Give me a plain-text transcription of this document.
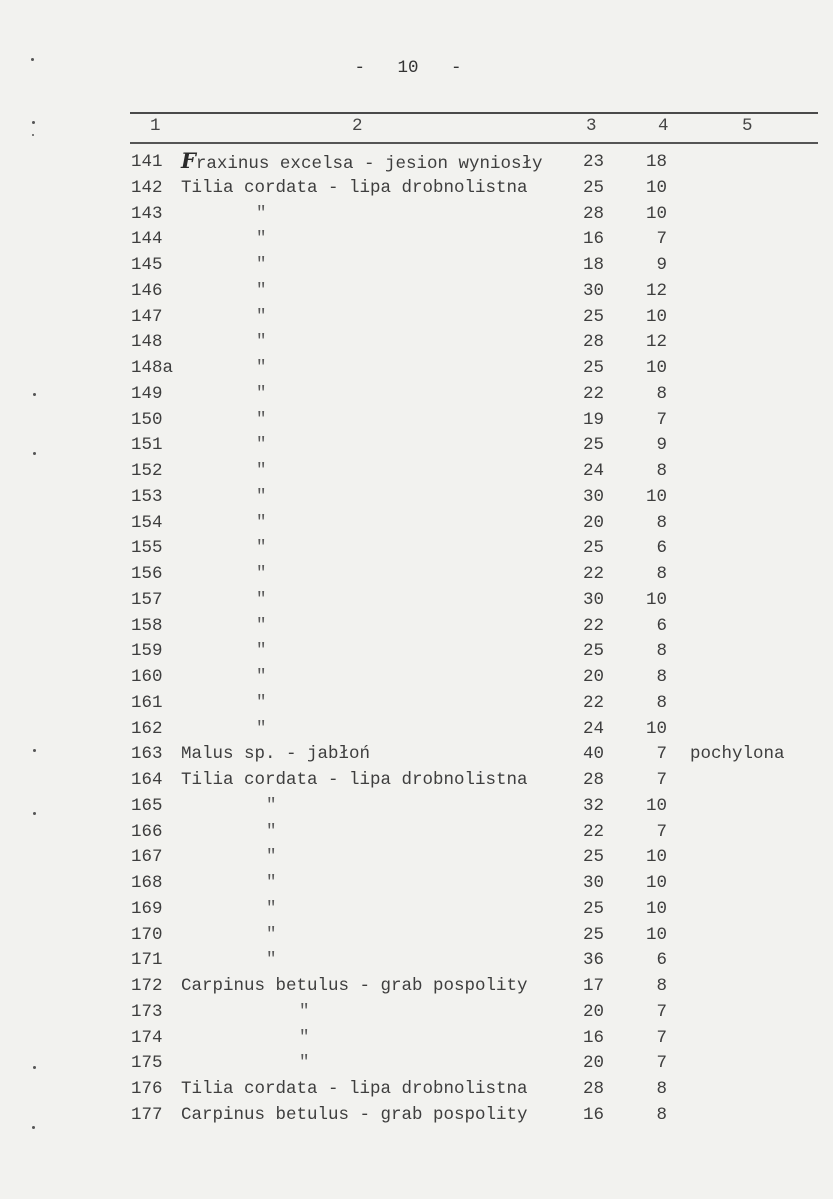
- 10 -
1	2	3	4	5
141 Fraxinus excelsa - jesion wyniosły	23	18
142 Tilia cordata - lipa drobnolistna	25	10
143	"	28	10
144	"	16	7
145	"	18	9
146	"	30	12
147	"	25	10
148	"	28	12
148a	"	25	10
149	"	22	8
150	"	19	7
151	"	25	9
152	"	24	8
153	"	30	10
154	"	20	8
155	"	25	6
156	"	22	8
157	"	30	10
158	"	22	6
159	"	25	8
160	"	20	8
161	"	22	8
162	"	24	10
163 Malus sp. - jabłoń	40	7 pochylona
164 Tilia cordata - lipa drobnolistna	28	7
165	"	32	10
166	"	22	7
167	"	25	10
168	"	30	10
169	"	25	10
170	"	25	10
171	"	36	6
172 Carpinus betulus - grab pospolity	17	8
173	"	20	7
174	"	16	7
175	"	20	7
176 Tilia cordata - lipa drobnolistna	28	8
177 Carpinus betulus - grab pospolity	16	8
